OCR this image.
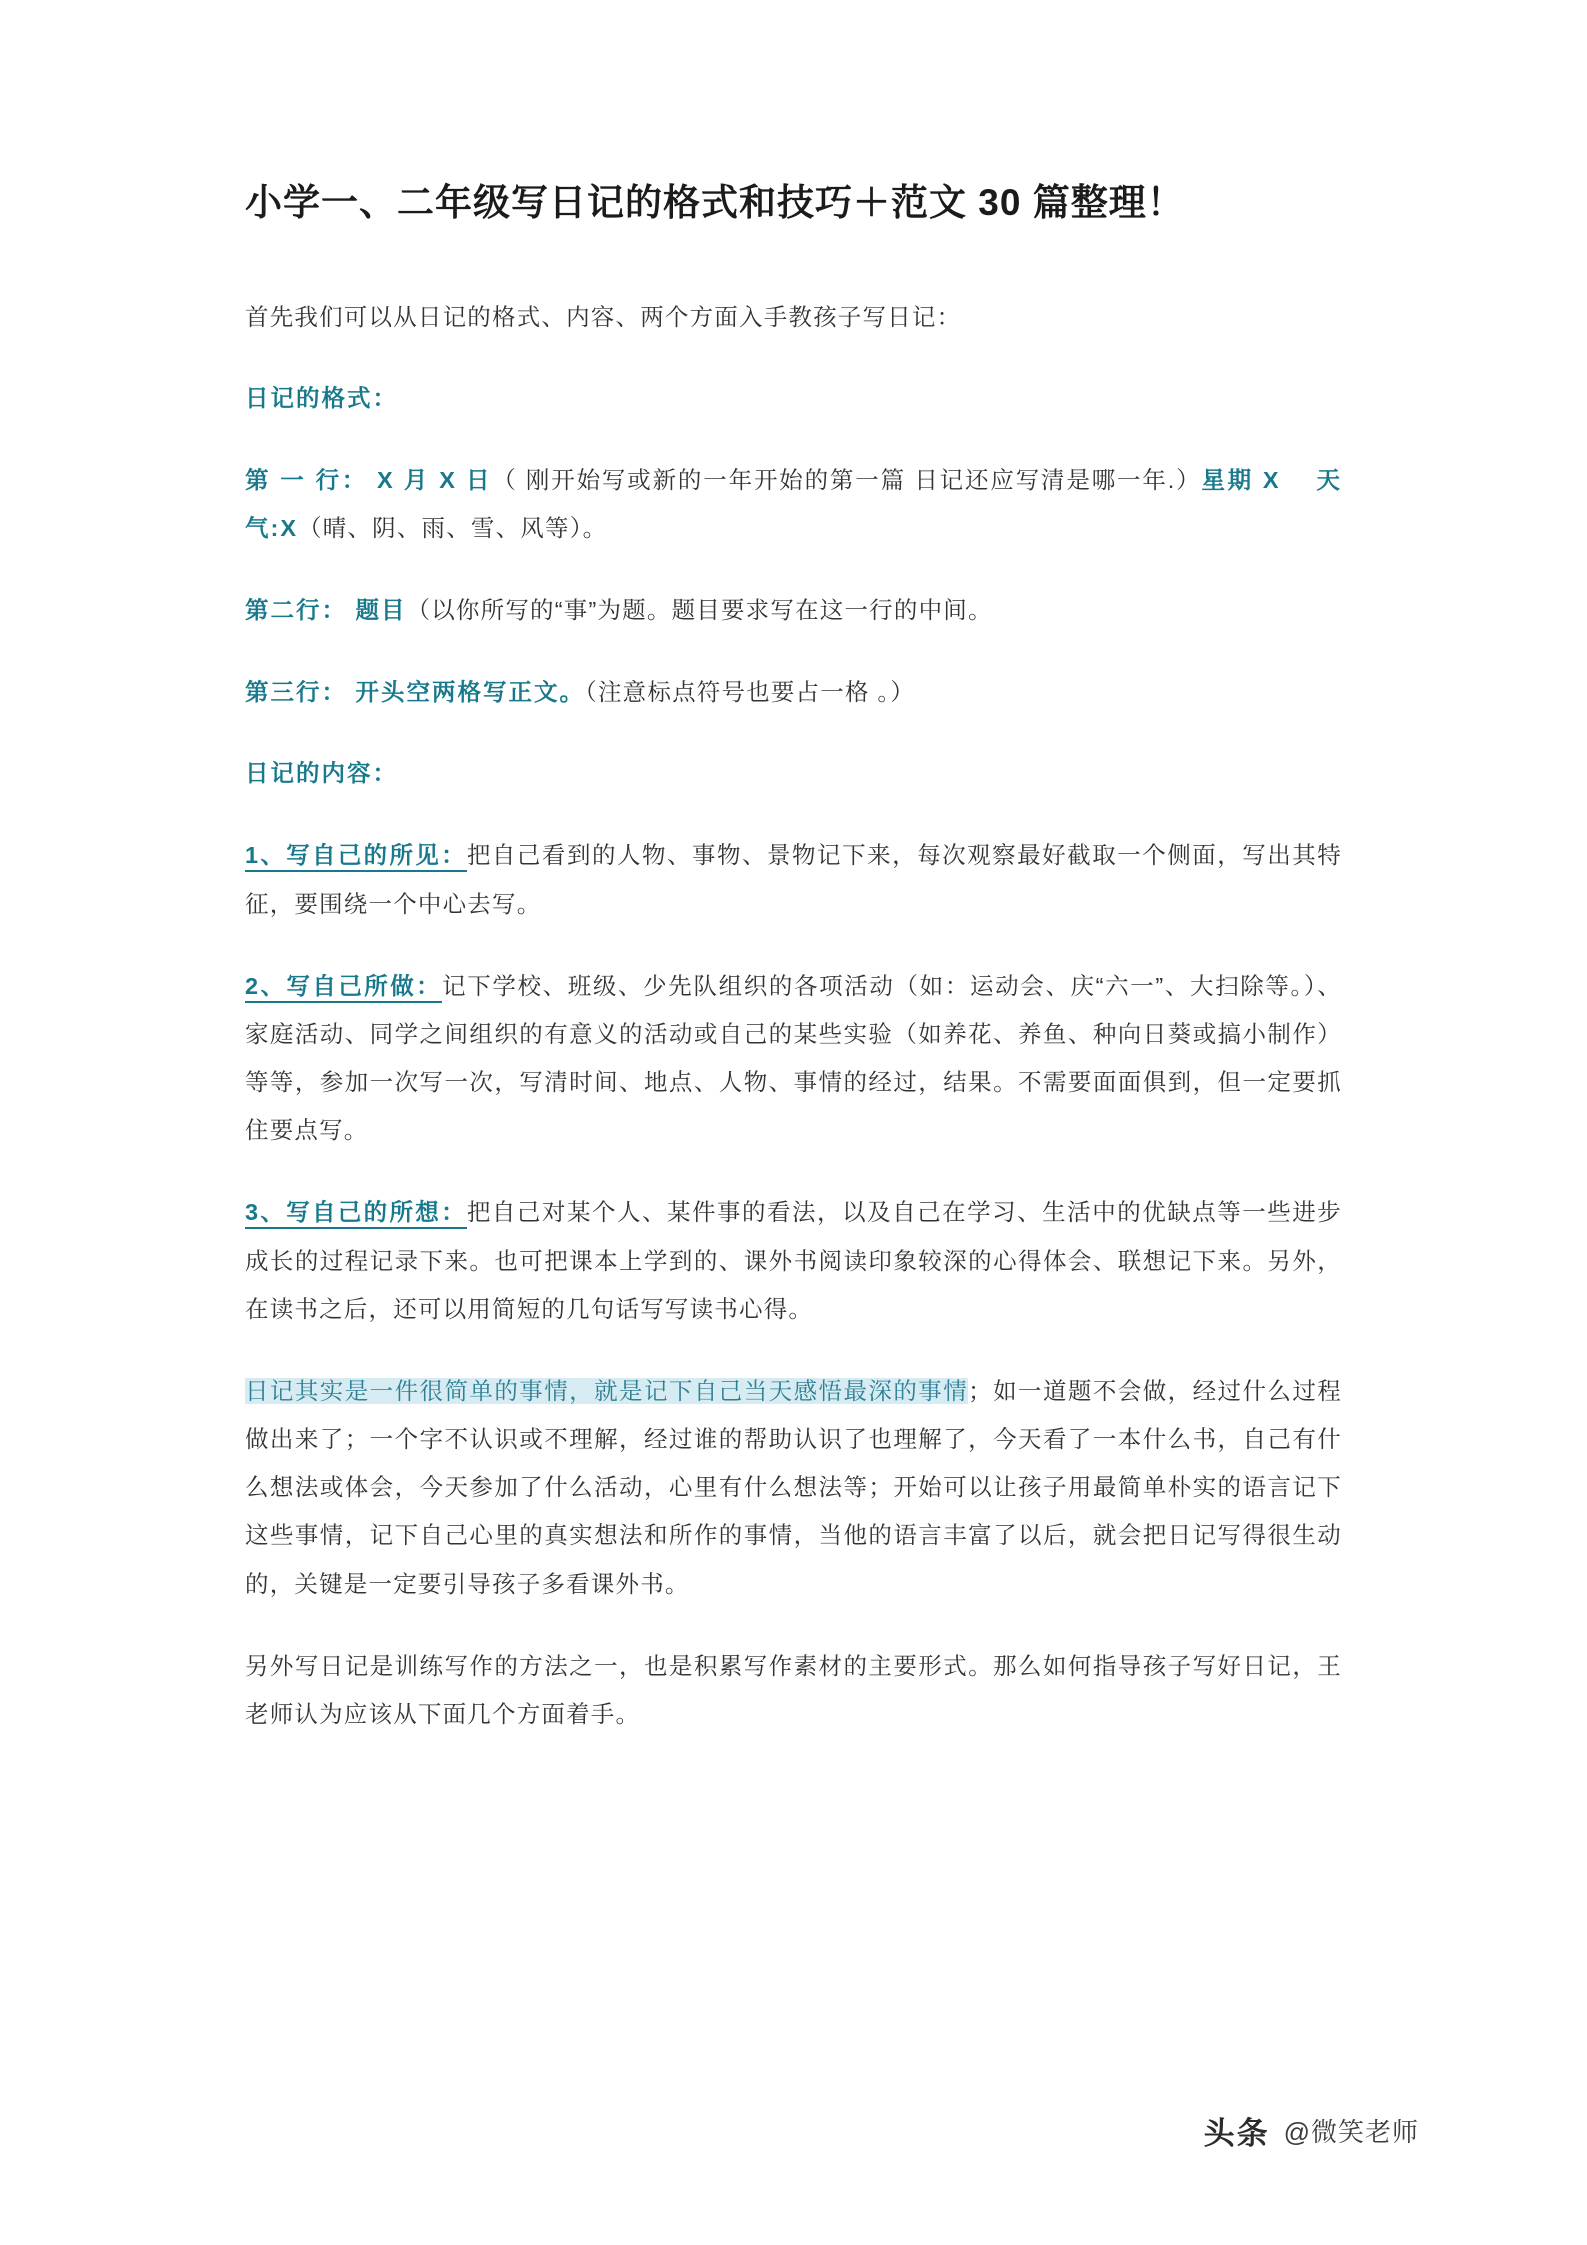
小学一、二年级写日记的格式和技巧＋范文 30 篇整理！

首先我们可以从日记的格式、内容、两个方面入手教孩子写日记：

日记的格式：

第 一 行： X 月 X 日（ 刚开始写或新的一年开始的第一篇 日记还应写清是哪一年.）星期 X　 天气:X（晴、阴、雨、雪、风等）。

第二行： 题目（以你所写的“事”为题。题目要求写在这一行的中间。

第三行： 开头空两格写正文。（注意标点符号也要占一格 。）

日记的内容：

1、写自己的所见：把自己看到的人物、事物、景物记下来，每次观察最好截取一个侧面，写出其特征，要围绕一个中心去写。

2、写自己所做：记下学校、班级、少先队组织的各项活动（如：运动会、庆“六一”、大扫除等。）、家庭活动、同学之间组织的有意义的活动或自己的某些实验（如养花、养鱼、种向日葵或搞小制作）等等，参加一次写一次，写清时间、地点、人物、事情的经过，结果。不需要面面俱到，但一定要抓住要点写。

3、写自己的所想：把自己对某个人、某件事的看法，以及自己在学习、生活中的优缺点等一些进步成长的过程记录下来。也可把课本上学到的、课外书阅读印象较深的心得体会、联想记下来。另外，在读书之后，还可以用简短的几句话写写读书心得。

日记其实是一件很简单的事情，就是记下自己当天感悟最深的事情；如一道题不会做，经过什么过程做出来了；一个字不认识或不理解，经过谁的帮助认识了也理解了，今天看了一本什么书，自己有什么想法或体会，今天参加了什么活动，心里有什么想法等；开始可以让孩子用最简单朴实的语言记下这些事情，记下自己心里的真实想法和所作的事情，当他的语言丰富了以后，就会把日记写得很生动的，关键是一定要引导孩子多看课外书。

另外写日记是训练写作的方法之一，也是积累写作素材的主要形式。那么如何指导孩子写好日记，王老师认为应该从下面几个方面着手。

头条 @微笑老师
